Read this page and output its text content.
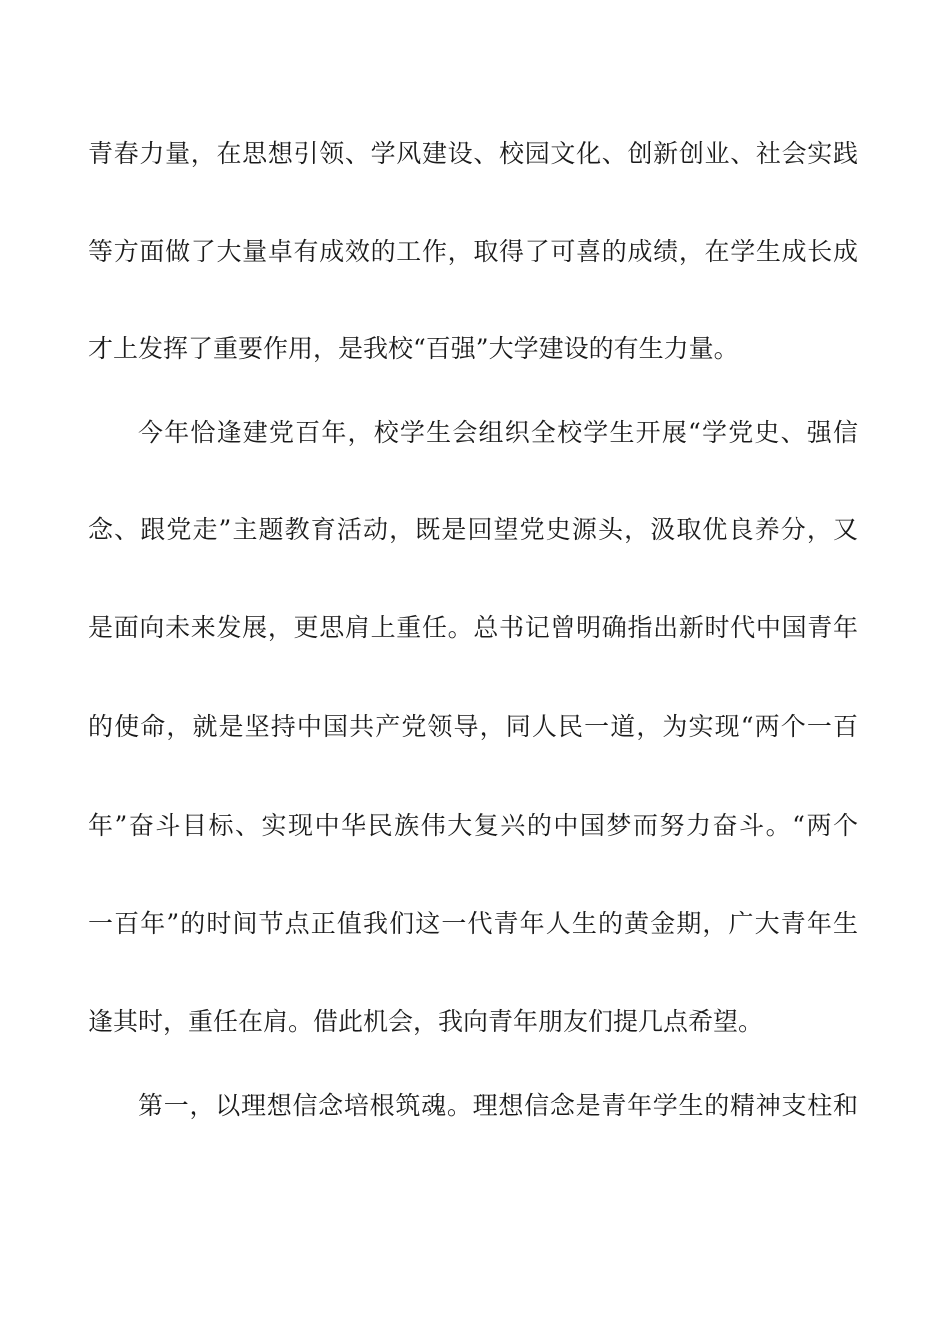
青春力量，在思想引领、学风建设、校园文化、创新创业、社会实践
等方面做了大量卓有成效的工作，取得了可喜的成绩，在学生成长成
才上发挥了重要作用，是我校“百强”大学建设的有生力量。
今年恰逢建党百年，校学生会组织全校学生开展“学党史、强信
念、跟党走”主题教育活动，既是回望党史源头，汲取优良养分，又
是面向未来发展，更思肩上重任。总书记曾明确指出新时代中国青年
的使命，就是坚持中国共产党领导，同人民一道，为实现“两个一百
年”奋斗目标、实现中华民族伟大复兴的中国梦而努力奋斗。“两个
一百年”的时间节点正值我们这一代青年人生的黄金期，广大青年生
逢其时，重任在肩。借此机会，我向青年朋友们提几点希望。
第一，以理想信念培根筑魂。理想信念是青年学生的精神支柱和
